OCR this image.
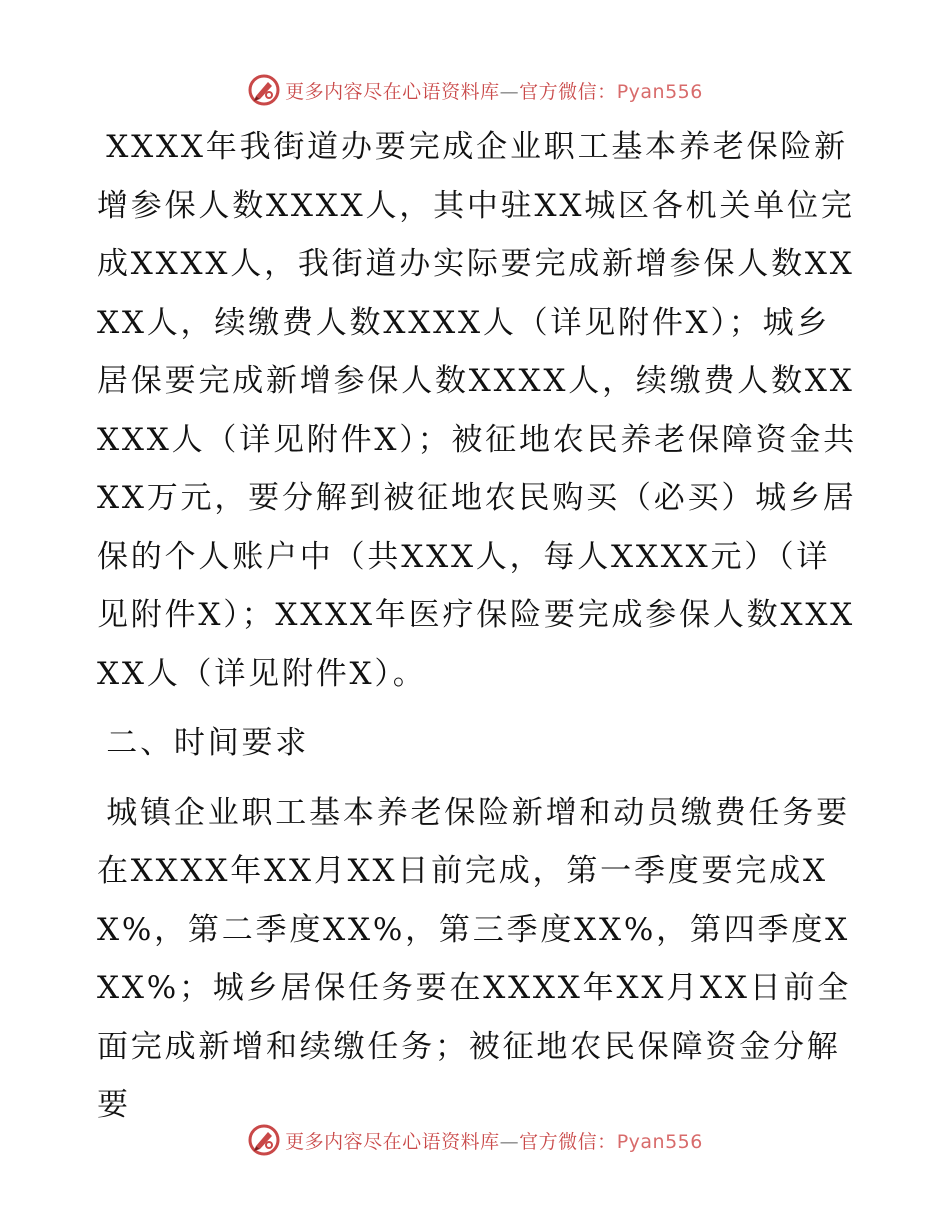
更多内容尽在心语资料库—官方微信：Pyan556

XXXX年我街道办要完成企业职工基本养老保险新增参保人数XXXX人，其中驻XX城区各机关单位完成XXXX人，我街道办实际要完成新增参保人数XXXX人，续缴费人数XXXX人（详见附件X）；城乡居保要完成新增参保人数XXXX人，续缴费人数XXXXX人（详见附件X）；被征地农民养老保障资金共XX万元，要分解到被征地农民购买（必买）城乡居保的个人账户中（共XXX人，每人XXXX元）（详见附件X）；XXXX年医疗保险要完成参保人数XXXXX人（详见附件X）。

二、时间要求

城镇企业职工基本养老保险新增和动员缴费任务要在XXXX年XX月XX日前完成，第一季度要完成XX%，第二季度XX%，第三季度XX%，第四季度XXX%；城乡居保任务要在XXXX年XX月XX日前全面完成新增和续缴任务；被征地农民保障资金分解要

更多内容尽在心语资料库—官方微信：Pyan556
